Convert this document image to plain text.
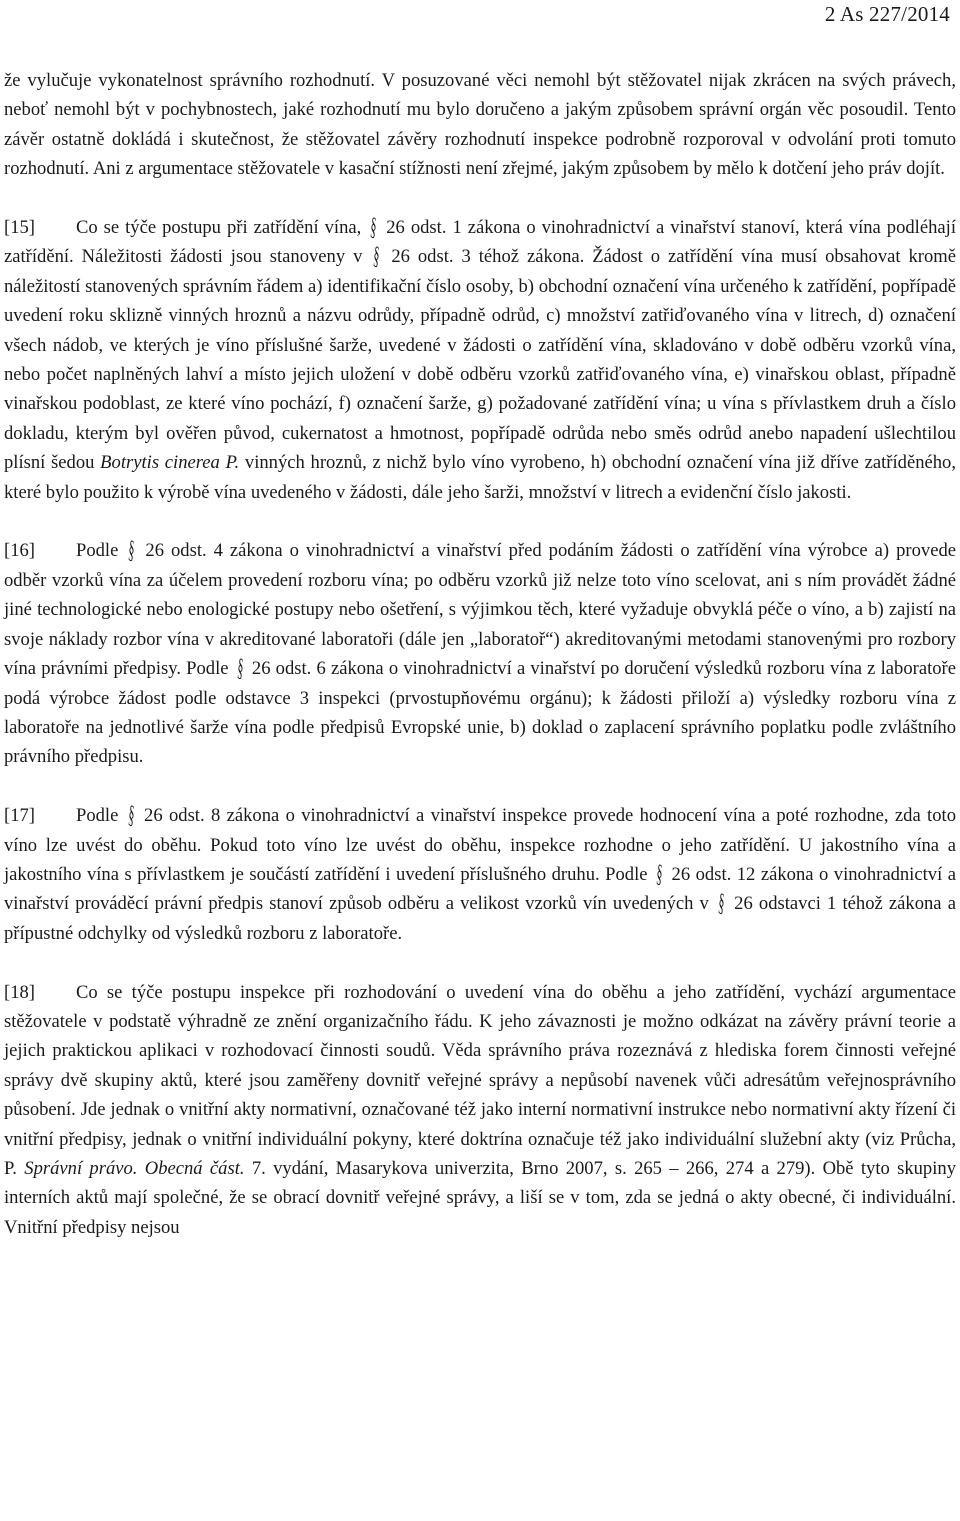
2 As 227/2014

že vylučuje vykonatelnost správního rozhodnutí. V posuzované věci nemohl být stěžovatel nijak zkrácen na svých právech, neboť nemohl být v pochybnostech, jaké rozhodnutí mu bylo doručeno a jakým způsobem správní orgán věc posoudil. Tento závěr ostatně dokládá i skutečnost, že stěžovatel závěry rozhodnutí inspekce podrobně rozporoval v odvolání proti tomuto rozhodnutí. Ani z argumentace stěžovatele v kasační stížnosti není zřejmé, jakým způsobem by mělo k dotčení jeho práv dojít.

[15] Co se týče postupu při zatřídění vína, § 26 odst. 1 zákona o vinohradnictví a vinařství stanoví, která vína podléhají zatřídění. Náležitosti žádosti jsou stanoveny v § 26 odst. 3 téhož zákona. Žádost o zatřídění vína musí obsahovat kromě náležitostí stanovených správním řádem a) identifikační číslo osoby, b) obchodní označení vína určeného k zatřídění, popřípadě uvedení roku sklizně vinných hroznů a názvu odrůdy, případně odrůd, c) množství zatřiďovaného vína v litrech, d) označení všech nádob, ve kterých je víno příslušné šarže, uvedené v žádosti o zatřídění vína, skladováno v době odběru vzorků vína, nebo počet naplněných lahví a místo jejich uložení v době odběru vzorků zatřiďovaného vína, e) vinařskou oblast, případně vinařskou podoblast, ze které víno pochází, f) označení šarže, g) požadované zatřídění vína; u vína s přívlastkem druh a číslo dokladu, kterým byl ověřen původ, cukernatost a hmotnost, popřípadě odrůda nebo směs odrůd anebo napadení ušlechtilou plísní šedou Botrytis cinerea P. vinných hroznů, z nichž bylo víno vyrobeno, h) obchodní označení vína již dříve zatříděného, které bylo použito k výrobě vína uvedeného v žádosti, dále jeho šarži, množství v litrech a evidenční číslo jakosti.

[16] Podle § 26 odst. 4 zákona o vinohradnictví a vinařství před podáním žádosti o zatřídění vína výrobce a) provede odběr vzorků vína za účelem provedení rozboru vína; po odběru vzorků již nelze toto víno scelovat, ani s ním provádět žádné jiné technologické nebo enologické postupy nebo ošetření, s výjimkou těch, které vyžaduje obvyklá péče o víno, a b) zajistí na svoje náklady rozbor vína v akreditované laboratoři (dále jen „laboratoř“) akreditovanými metodami stanovenými pro rozbory vína právními předpisy. Podle § 26 odst. 6 zákona o vinohradnictví a vinařství po doručení výsledků rozboru vína z laboratoře podá výrobce žádost podle odstavce 3 inspekci (prvostupňovému orgánu); k žádosti přiloží a) výsledky rozboru vína z laboratoře na jednotlivé šarže vína podle předpisů Evropské unie, b) doklad o zaplacení správního poplatku podle zvláštního právního předpisu.

[17] Podle § 26 odst. 8 zákona o vinohradnictví a vinařství inspekce provede hodnocení vína a poté rozhodne, zda toto víno lze uvést do oběhu. Pokud toto víno lze uvést do oběhu, inspekce rozhodne o jeho zatřídění. U jakostního vína a jakostního vína s přívlastkem je součástí zatřídění i uvedení příslušného druhu. Podle § 26 odst. 12 zákona o vinohradnictví a vinařství prováděcí právní předpis stanoví způsob odběru a velikost vzorků vín uvedených v § 26 odstavci 1 téhož zákona a přípustné odchylky od výsledků rozboru z laboratoře.

[18] Co se týče postupu inspekce při rozhodování o uvedení vína do oběhu a jeho zatřídění, vychází argumentace stěžovatele v podstatě výhradně ze znění organizačního řádu. K jeho závaznosti je možno odkázat na závěry právní teorie a jejich praktickou aplikaci v rozhodovací činnosti soudů. Věda správního práva rozeznává z hlediska forem činnosti veřejné správy dvě skupiny aktů, které jsou zaměřeny dovnitř veřejné správy a nepůsobí navenek vůči adresátům veřejnosprávního působení. Jde jednak o vnitřní akty normativní, označované též jako interní normativní instrukce nebo normativní akty řízení či vnitřní předpisy, jednak o vnitřní individuální pokyny, které doktrína označuje též jako individuální služební akty (viz Průcha, P. Správní právo. Obecná část. 7. vydání, Masarykova univerzita, Brno 2007, s. 265 – 266, 274 a 279). Obě tyto skupiny interních aktů mají společné, že se obrací dovnitř veřejné správy, a liší se v tom, zda se jedná o akty obecné, či individuální. Vnitřní předpisy nejsou
